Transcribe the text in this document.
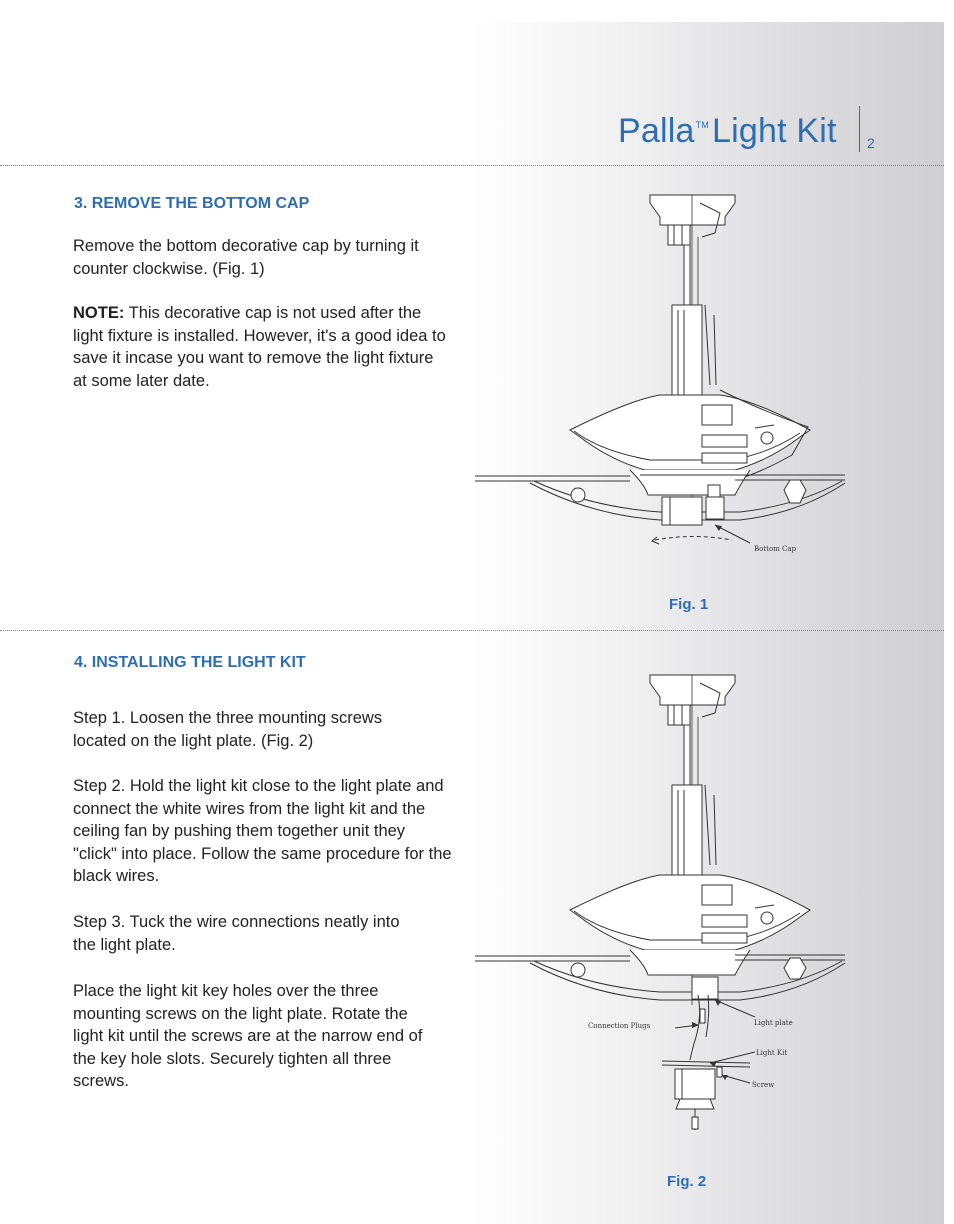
Palla™Light Kit 2
3. REMOVE THE BOTTOM CAP

Remove the bottom decorative cap by turning it counter clockwise. (Fig. 1)

NOTE: This decorative cap is not used after the light fixture is installed. However, it's a good idea to save it incase you want to remove the light fixture at some later date.

Bottom Cap
Fig. 1
4. INSTALLING THE LIGHT KIT

Step 1. Loosen the three mounting screws located on the light plate. (Fig. 2)

Step 2. Hold the light kit close to the light plate and connect the white wires from the light kit and the ceiling fan by pushing them together unit they "click" into place. Follow the same procedure for the black wires.

Step 3. Tuck the wire connections neatly into the light plate.

Place the light kit key holes over the three mounting screws on the light plate. Rotate the light kit until the screws are at the narrow end of the key hole slots. Securely tighten all three screws.

Connection Plugs	Light plate
Light Kit
Screw
Fig. 2
